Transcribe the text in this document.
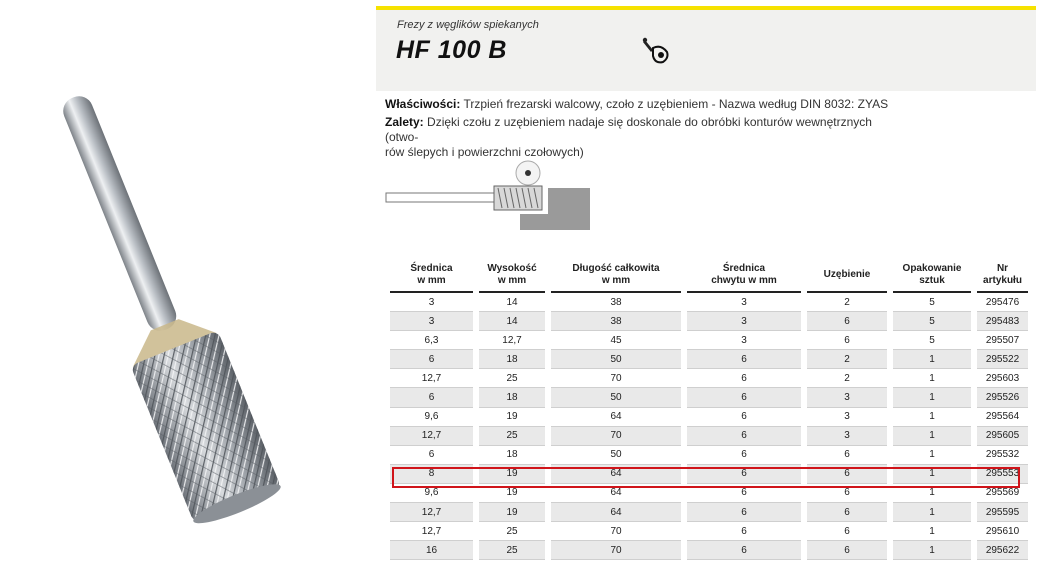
Frezy z węglików spiekanych
HF 100 B
Właściwości: Trzpień frezarski walcowy, czoło z uzębieniem - Nazwa według DIN 8032: ZYAS
Zalety: Dzięki czołu z uzębieniem nadaje się doskonale do obróbki konturów wewnętrznych (otwo-
rów ślepych i powierzchni czołowych)
Średnica
w mm	Wysokość
w mm	Długość całkowita
w mm	Średnica
chwytu w mm	Uzębienie	Opakowanie
sztuk	Nr
artykułu
3	14	38	3	2	5	295476
3	14	38	3	6	5	295483
6,3	12,7	45	3	6	5	295507
6	18	50	6	2	1	295522
12,7	25	70	6	2	1	295603
6	18	50	6	3	1	295526
9,6	19	64	6	3	1	295564
12,7	25	70	6	3	1	295605
6	18	50	6	6	1	295532
8	19	64	6	6	1	295553
9,6	19	64	6	6	1	295569
12,7	19	64	6	6	1	295595
12,7	25	70	6	6	1	295610
16	25	70	6	6	1	295622
